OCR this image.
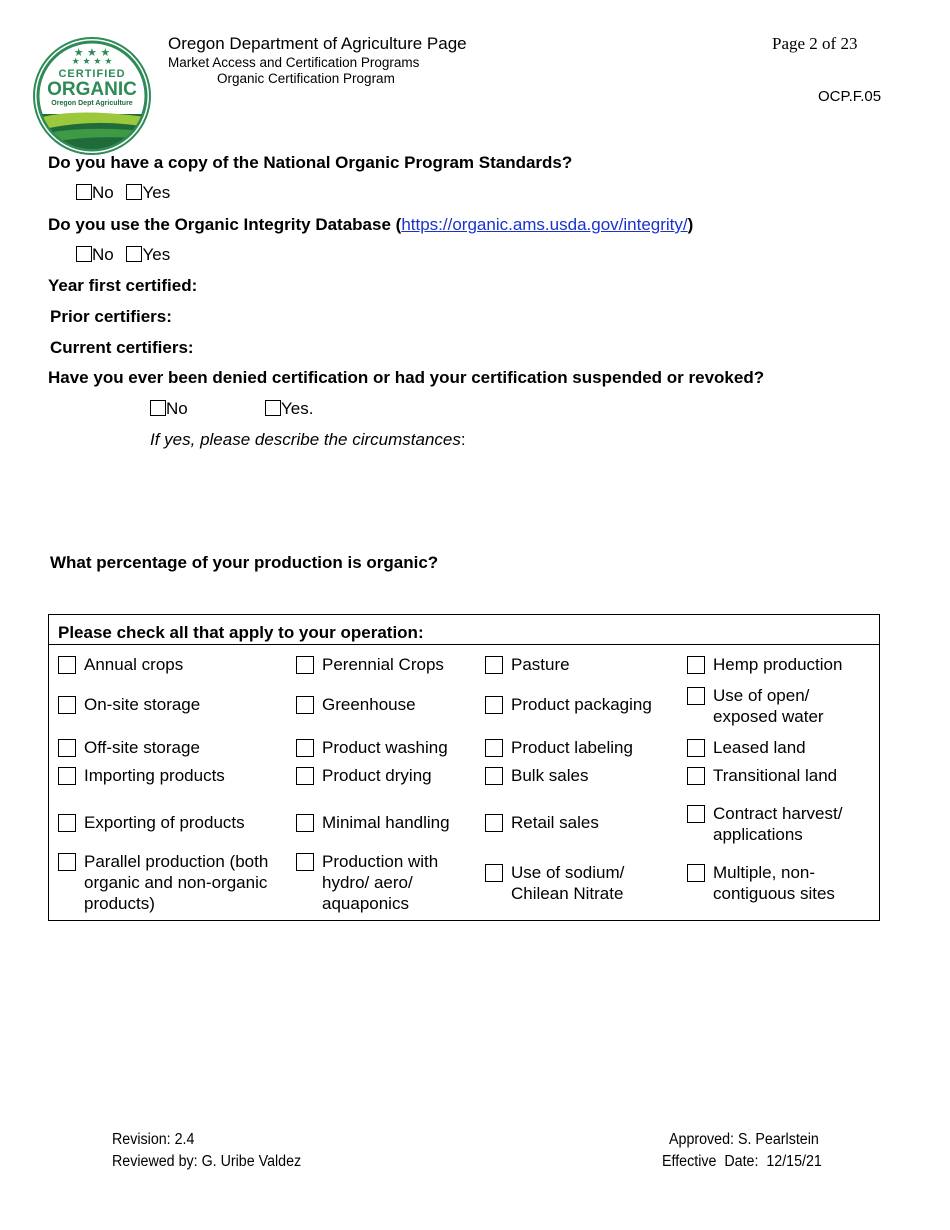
★ ★ ★
★ ★ ★ ★
CERTIFIED
ORGANIC
Oregon Dept Agriculture
Oregon Department of Agriculture Page
Market Access and Certification Programs
Organic Certification Program
Page 2 of 23
OCP.F.05
Do you have a copy of the National Organic Program Standards?
No Yes
Do you use the Organic Integrity Database (https://organic.ams.usda.gov/integrity/)
No Yes
Year first certified:
Prior certifiers:
Current certifiers:
Have you ever been denied certification or had your certification suspended or revoked?
No	Yes.
If yes, please describe the circumstances:
What percentage of your production is organic?
Please check all that apply to your operation:			

Annual crops	Perennial Crops	Pasture	Hemp production

On-site storage	Greenhouse	Product packaging	Use of open/ exposed water

Off-site storage	Product washing	Product labeling	Leased land

Importing products	Product drying	Bulk sales	Transitional land

Exporting of products	Minimal handling	Retail sales	Contract harvest/ applications

Parallel production (both organic and non-organic products)	Production with hydro/ aero/ aquaponics	Use of sodium/ Chilean Nitrate	Multiple, non-contiguous sites
Revision: 2.4
Reviewed by: G. Uribe Valdez
Approved: S. Pearlstein
Effective  Date:  12/15/21
